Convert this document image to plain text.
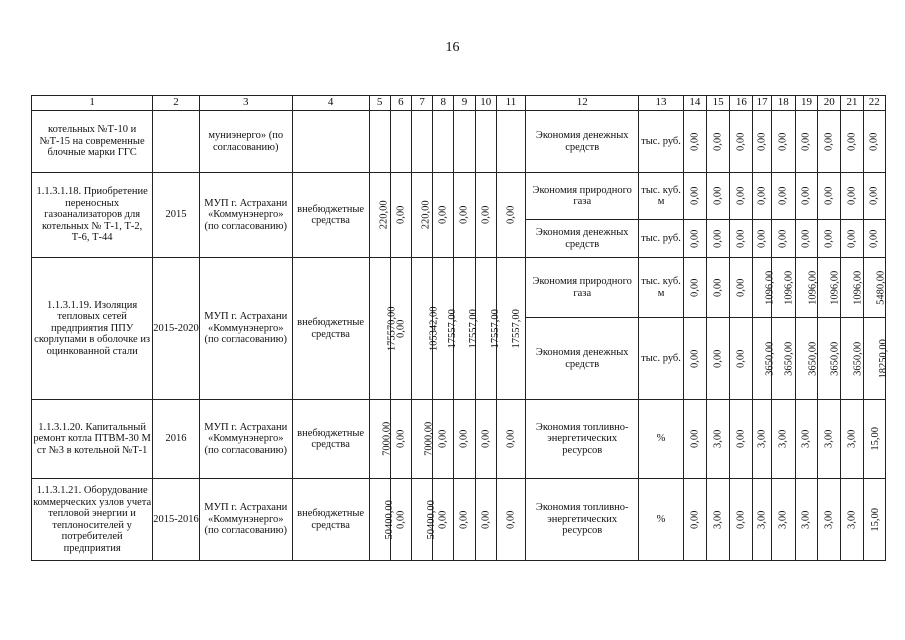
16
1	2	3	4	5	6	7	8	9	10	11	12	13	14	15	16	17	18	19	20	21	22
котельных №Т-10 и №Т-15 на современные блочные марки ГГС		муниэнерго» (по согласованию)									Экономия денежных средств	тыс. руб.	0,00	0,00	0,00	0,00	0,00	0,00	0,00	0,00	0,00
1.1.3.1.18. Приобретение переносных газоанализаторов для котельных № Т-1, Т-2, Т-6, Т-44	2015	МУП г. Астрахани «Коммунэнерго» (по согласованию)	внебюджетные средства	220,00	0,00	220,00	0,00	0,00	0,00	0,00	Экономия природного газа	тыс. куб. м	0,00	0,00	0,00	0,00	0,00	0,00	0,00	0,00	0,00
											Экономия денежных средств	тыс. руб.	0,00	0,00	0,00	0,00	0,00	0,00	0,00	0,00	0,00
1.1.3.1.19. Изоляция тепловых сетей предприятия ППУ скорлупами в оболочке из оцинкованной стали	2015-2020	МУП г. Астрахани «Коммунэнерго» (по согласованию)	внебюджетные средства	175570,00	0,00	105342,00	17557,00	17557,00	17557,00	17557,00	Экономия природного газа	тыс. куб. м	0,00	0,00	0,00	1096,00	1096,00	1096,00	1096,00	1096,00	5480,00
											Экономия денежных средств	тыс. руб.	0,00	0,00	0,00	3650,00	3650,00	3650,00	3650,00	3650,00	18250,00
1.1.3.1.20. Капитальный ремонт котла ПТВМ-30 М ст №3 в котельной №Т-1	2016	МУП г. Астрахани «Коммунэнерго» (по согласованию)	внебюджетные средства	7000,00	0,00	7000,00	0,00	0,00	0,00	0,00	Экономия топливно-энергетических ресурсов	%	0,00	3,00	0,00	3,00	3,00	3,00	3,00	3,00	15,00
1.1.3.1.21. Оборудование коммерческих узлов учета тепловой энергии и теплоносителей у потребителей предприятия	2015-2016	МУП г. Астрахани «Коммунэнерго» (по согласованию)	внебюджетные средства	50400,00	0,00	50400,00	0,00	0,00	0,00	0,00	Экономия топливно-энергетических ресурсов	%	0,00	3,00	0,00	3,00	3,00	3,00	3,00	3,00	15,00
